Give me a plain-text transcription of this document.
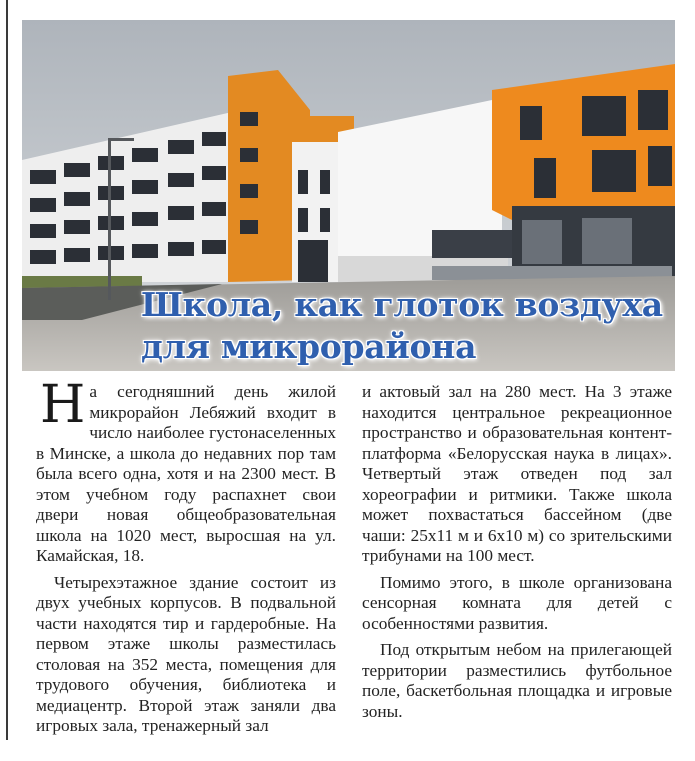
Школа, как глоток воздуха
для микрорайона

На сегодняшний день жилой микрорайон Лебяжий входит в число наиболее густонаселенных в Минске, а школа до недавних пор там была всего одна, хотя и на 2300 мест. В этом учебном году распахнет свои двери новая общеобразовательная школа на 1020 мест, выросшая на ул. Камайская, 18.

Четырехэтажное здание состоит из двух учебных корпусов. В подвальной части находятся тир и гардеробные. На первом этаже школы разместилась столовая на 352 места, помещения для трудового обучения, библиотека и медиацентр. Второй этаж заняли два игровых зала, тренажерный зал

и актовый зал на 280 мест. На 3 этаже находится центральное рекреационное пространство и образовательная контент-платформа «Белорусская наука в лицах». Четвертый этаж отведен под зал хореографии и ритмики. Также школа может похвастаться бассейном (две чаши: 25х11 м и 6х10 м) со зрительскими трибунами на 100 мест.

Помимо этого, в школе организована сенсорная комната для детей с особенностями развития.

Под открытым небом на прилегающей территории разместились футбольное поле, баскетбольная площадка и игровые зоны.
